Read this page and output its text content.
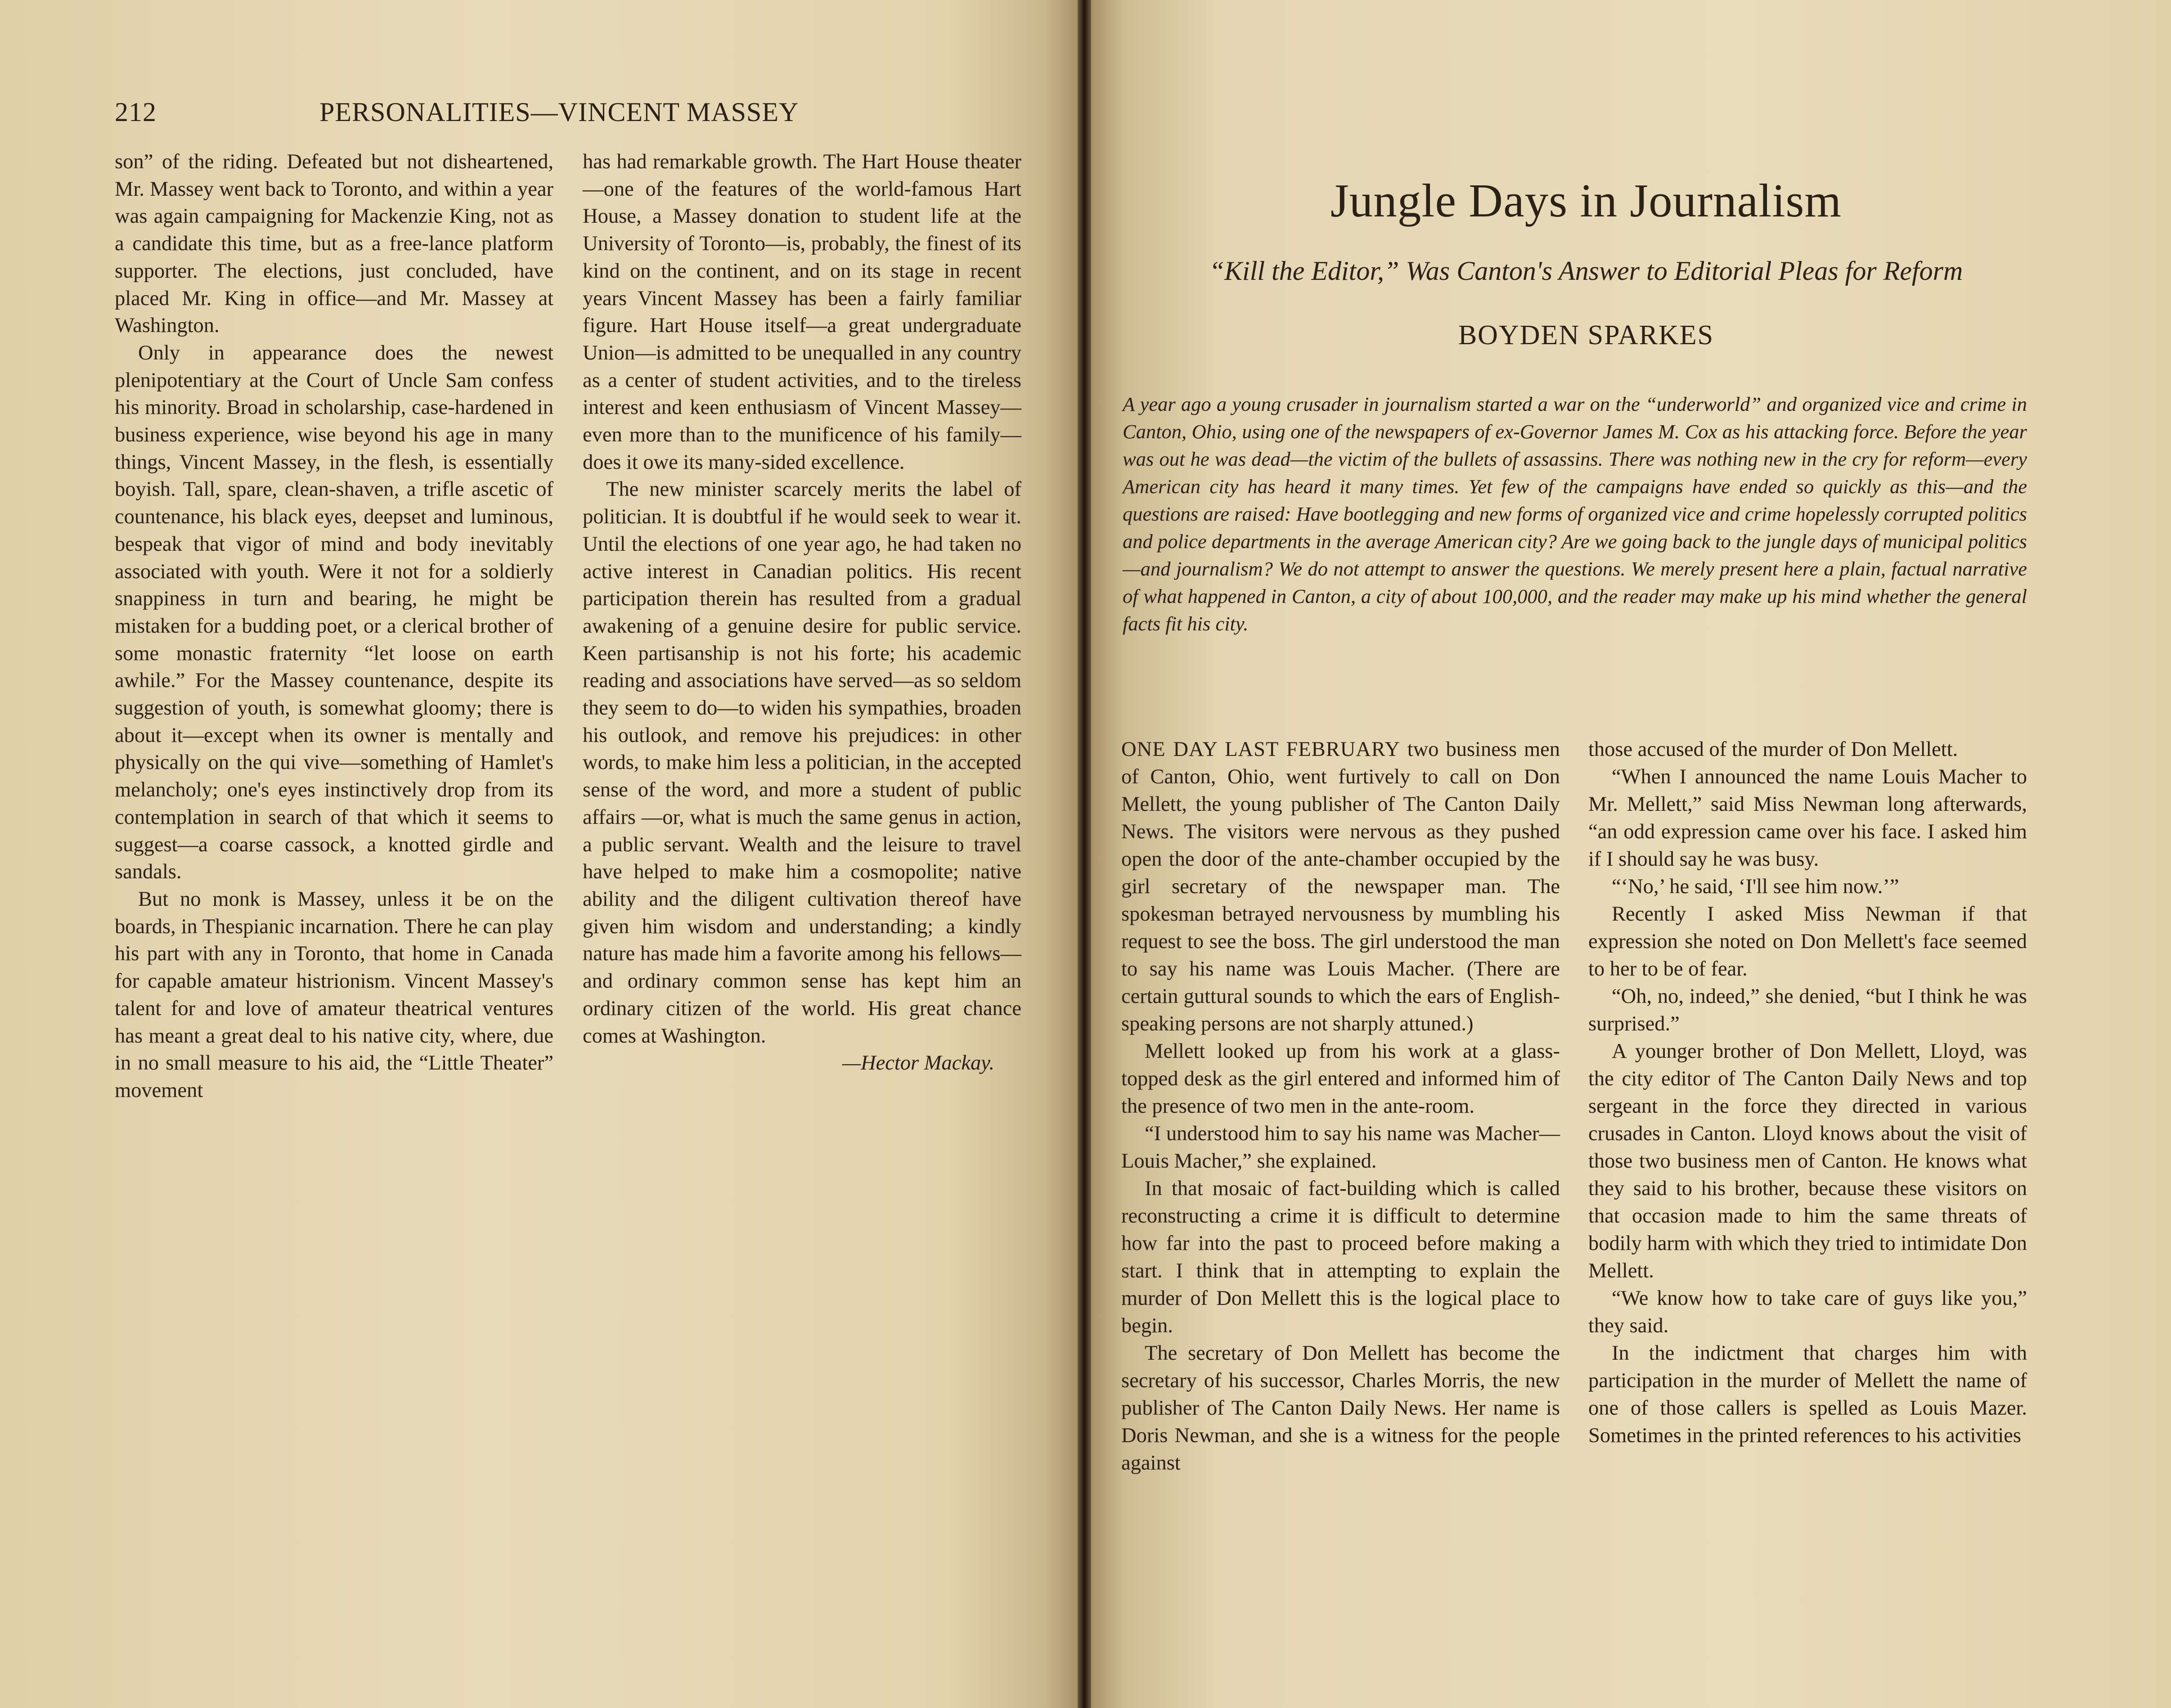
212	PERSONALITIES—VINCENT MASSEY

son” of the riding. Defeated but not disheartened, Mr. Massey went back to Toronto, and within a year was again campaigning for Mackenzie King, not as a candidate this time, but as a free-lance platform supporter. The elections, just concluded, have placed Mr. King in office—and Mr. Massey at Washington.

Only in appearance does the newest plenipotentiary at the Court of Uncle Sam confess his minority. Broad in scholarship, case-hardened in business experience, wise beyond his age in many things, Vincent Massey, in the flesh, is essentially boyish. Tall, spare, clean-shaven, a trifle ascetic of countenance, his black eyes, deepset and luminous, bespeak that vigor of mind and body inevitably associated with youth. Were it not for a soldierly snappiness in turn and bearing, he might be mistaken for a budding poet, or a clerical brother of some monastic fraternity “let loose on earth awhile.” For the Massey countenance, despite its suggestion of youth, is somewhat gloomy; there is about it—except when its owner is mentally and physically on the qui vive—something of Hamlet's melancholy; one's eyes instinctively drop from its contemplation in search of that which it seems to suggest—a coarse cassock, a knotted girdle and sandals.

But no monk is Massey, unless it be on the boards, in Thespianic incarnation. There he can play his part with any in Toronto, that home in Canada for capable amateur histrionism. Vincent Massey's talent for and love of amateur theatrical ventures has meant a great deal to his native city, where, due in no small measure to his aid, the “Little Theater” movement

has had remarkable growth. The Hart House theater—one of the features of the world-famous Hart House, a Massey donation to student life at the University of Toronto—is, probably, the finest of its kind on the continent, and on its stage in recent years Vincent Massey has been a fairly familiar figure. Hart House itself—a great undergraduate Union—is admitted to be unequalled in any country as a center of student activities, and to the tireless interest and keen enthusiasm of Vincent Massey—even more than to the munificence of his family—does it owe its many-sided excellence.

The new minister scarcely merits the label of politician. It is doubtful if he would seek to wear it. Until the elections of one year ago, he had taken no active interest in Canadian politics. His recent participation therein has resulted from a gradual awakening of a genuine desire for public service. Keen partisanship is not his forte; his academic reading and associations have served—as so seldom they seem to do—to widen his sympathies, broaden his outlook, and remove his prejudices: in other words, to make him less a politician, in the accepted sense of the word, and more a student of public affairs —or, what is much the same genus in action, a public servant. Wealth and the leisure to travel have helped to make him a cosmopolite; native ability and the diligent cultivation thereof have given him wisdom and understanding; a kindly nature has made him a favorite among his fellows—and ordinary common sense has kept him an ordinary citizen of the world. His great chance comes at Washington.

—Hector Mackay.

Jungle Days in Journalism
“Kill the Editor,” Was Canton's Answer to Editorial Pleas for Reform
BOYDEN SPARKES
A year ago a young crusader in journalism started a war on the “underworld” and organized vice and crime in Canton, Ohio, using one of the newspapers of ex-Governor James M. Cox as his attacking force. Before the year was out he was dead—the victim of the bullets of assassins. There was nothing new in the cry for reform—every American city has heard it many times. Yet few of the campaigns have ended so quickly as this—and the questions are raised: Have bootlegging and new forms of organized vice and crime hopelessly corrupted politics and police departments in the average American city? Are we going back to the jungle days of municipal politics—and journalism? We do not attempt to answer the questions. We merely present here a plain, factual narrative of what happened in Canton, a city of about 100,000, and the reader may make up his mind whether the general facts fit his city.

ONE DAY LAST FEBRUARY two business men of Canton, Ohio, went furtively to call on Don Mellett, the young publisher of The Canton Daily News. The visitors were nervous as they pushed open the door of the ante-chamber occupied by the girl secretary of the newspaper man. The spokesman betrayed nervousness by mumbling his request to see the boss. The girl understood the man to say his name was Louis Macher. (There are certain guttural sounds to which the ears of English-speaking persons are not sharply attuned.)

Mellett looked up from his work at a glass-topped desk as the girl entered and informed him of the presence of two men in the ante-room.

“I understood him to say his name was Macher—Louis Macher,” she explained.

In that mosaic of fact-building which is called reconstructing a crime it is difficult to determine how far into the past to proceed before making a start. I think that in attempting to explain the murder of Don Mellett this is the logical place to begin.

The secretary of Don Mellett has become the secretary of his successor, Charles Morris, the new publisher of The Canton Daily News. Her name is Doris Newman, and she is a witness for the people against

those accused of the murder of Don Mellett.

“When I announced the name Louis Macher to Mr. Mellett,” said Miss Newman long afterwards, “an odd expression came over his face. I asked him if I should say he was busy.

“‘No,’ he said, ‘I'll see him now.’”

Recently I asked Miss Newman if that expression she noted on Don Mellett's face seemed to her to be of fear.

“Oh, no, indeed,” she denied, “but I think he was surprised.”

A younger brother of Don Mellett, Lloyd, was the city editor of The Canton Daily News and top sergeant in the force they directed in various crusades in Canton. Lloyd knows about the visit of those two business men of Canton. He knows what they said to his brother, because these visitors on that occasion made to him the same threats of bodily harm with which they tried to intimidate Don Mellett.

“We know how to take care of guys like you,” they said.

In the indictment that charges him with participation in the murder of Mellett the name of one of those callers is spelled as Louis Mazer. Sometimes in the printed references to his activities
